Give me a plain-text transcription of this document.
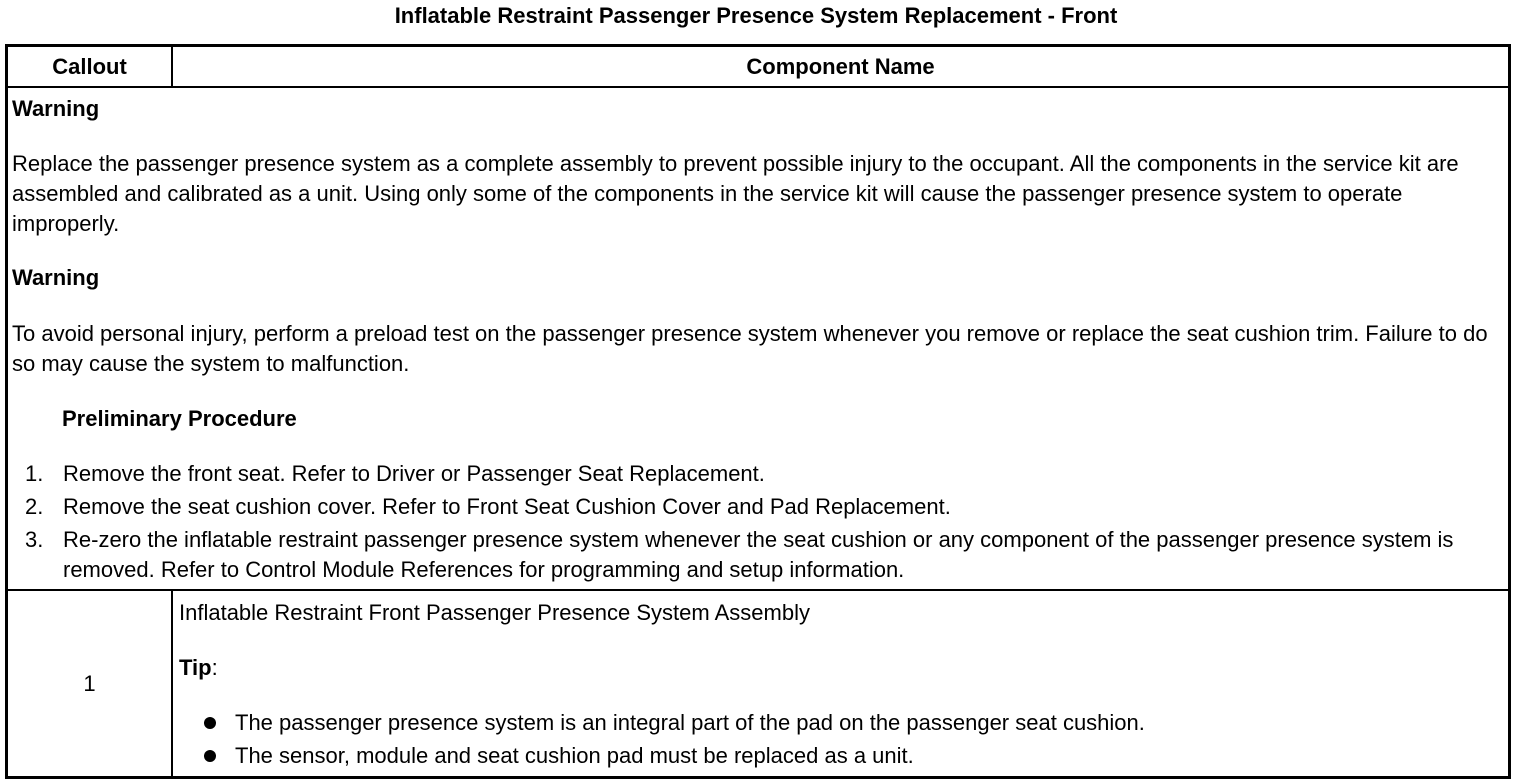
Inflatable Restraint Passenger Presence System Replacement - Front
Callout	Component Name

Warning

Replace the passenger presence system as a complete assembly to prevent possible injury to the occupant. All the components in the service kit are assembled and calibrated as a unit. Using only some of the components in the service kit will cause the passenger presence system to operate improperly.

Warning

To avoid personal injury, perform a preload test on the passenger presence system whenever you remove or replace the seat cushion trim. Failure to do so may cause the system to malfunction.

Preliminary Procedure

1. Remove the front seat. Refer to Driver or Passenger Seat Replacement.
2. Remove the seat cushion cover. Refer to Front Seat Cushion Cover and Pad Replacement.
3. Re-zero the inflatable restraint passenger presence system whenever the seat cushion or any component of the passenger presence system is removed. Refer to Control Module References for programming and setup information.
1

Inflatable Restraint Front Passenger Presence System Assembly

Tip:

The passenger presence system is an integral part of the pad on the passenger seat cushion.
The sensor, module and seat cushion pad must be replaced as a unit.
